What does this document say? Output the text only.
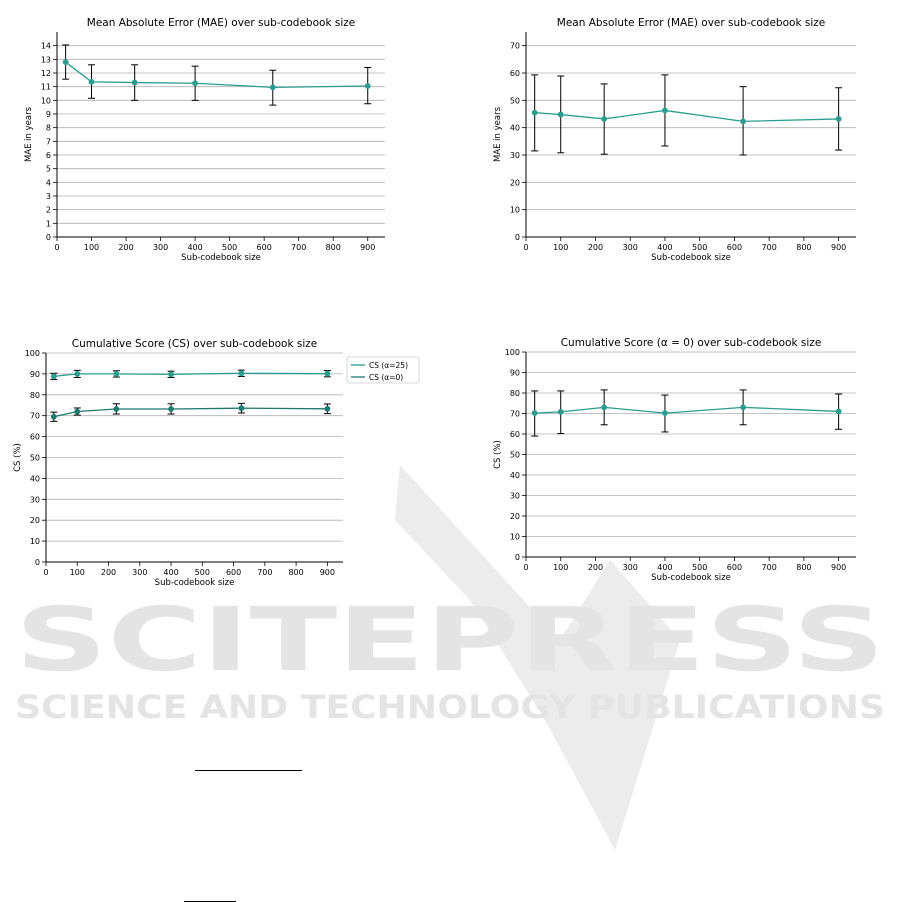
SCITEPRESS
SCIENCE AND TECHNOLOGY PUBLICATIONS
0
1
2
3
4
5
6
7
8
9
10
11
12
13
14
0	100 200 300 400 500 600 700 800 900
Mean Absolute Error (MAE) over sub-codebook size
Sub-codebook size
MAE in years
0
10
20
30
40
50
60
70
0	100 200 300 400 500 600 700 800 900
Mean Absolute Error (MAE) over sub-codebook size
Sub-codebook size
MAE in years
0
10
20
30
40
50
60
70
80
90
100
0	100 200 300 400 500 600 700 800 900
Cumulative Score (CS) over sub-codebook size
Sub-codebook size
CS (%)
CS (α=25)
CS (α=0)
0
10
20
30
40
50
60
70
80
90
100
0	100 200 300 400 500 600 700 800 900
Cumulative Score (α = 0) over sub-codebook size
Sub-codebook size
CS (%)
